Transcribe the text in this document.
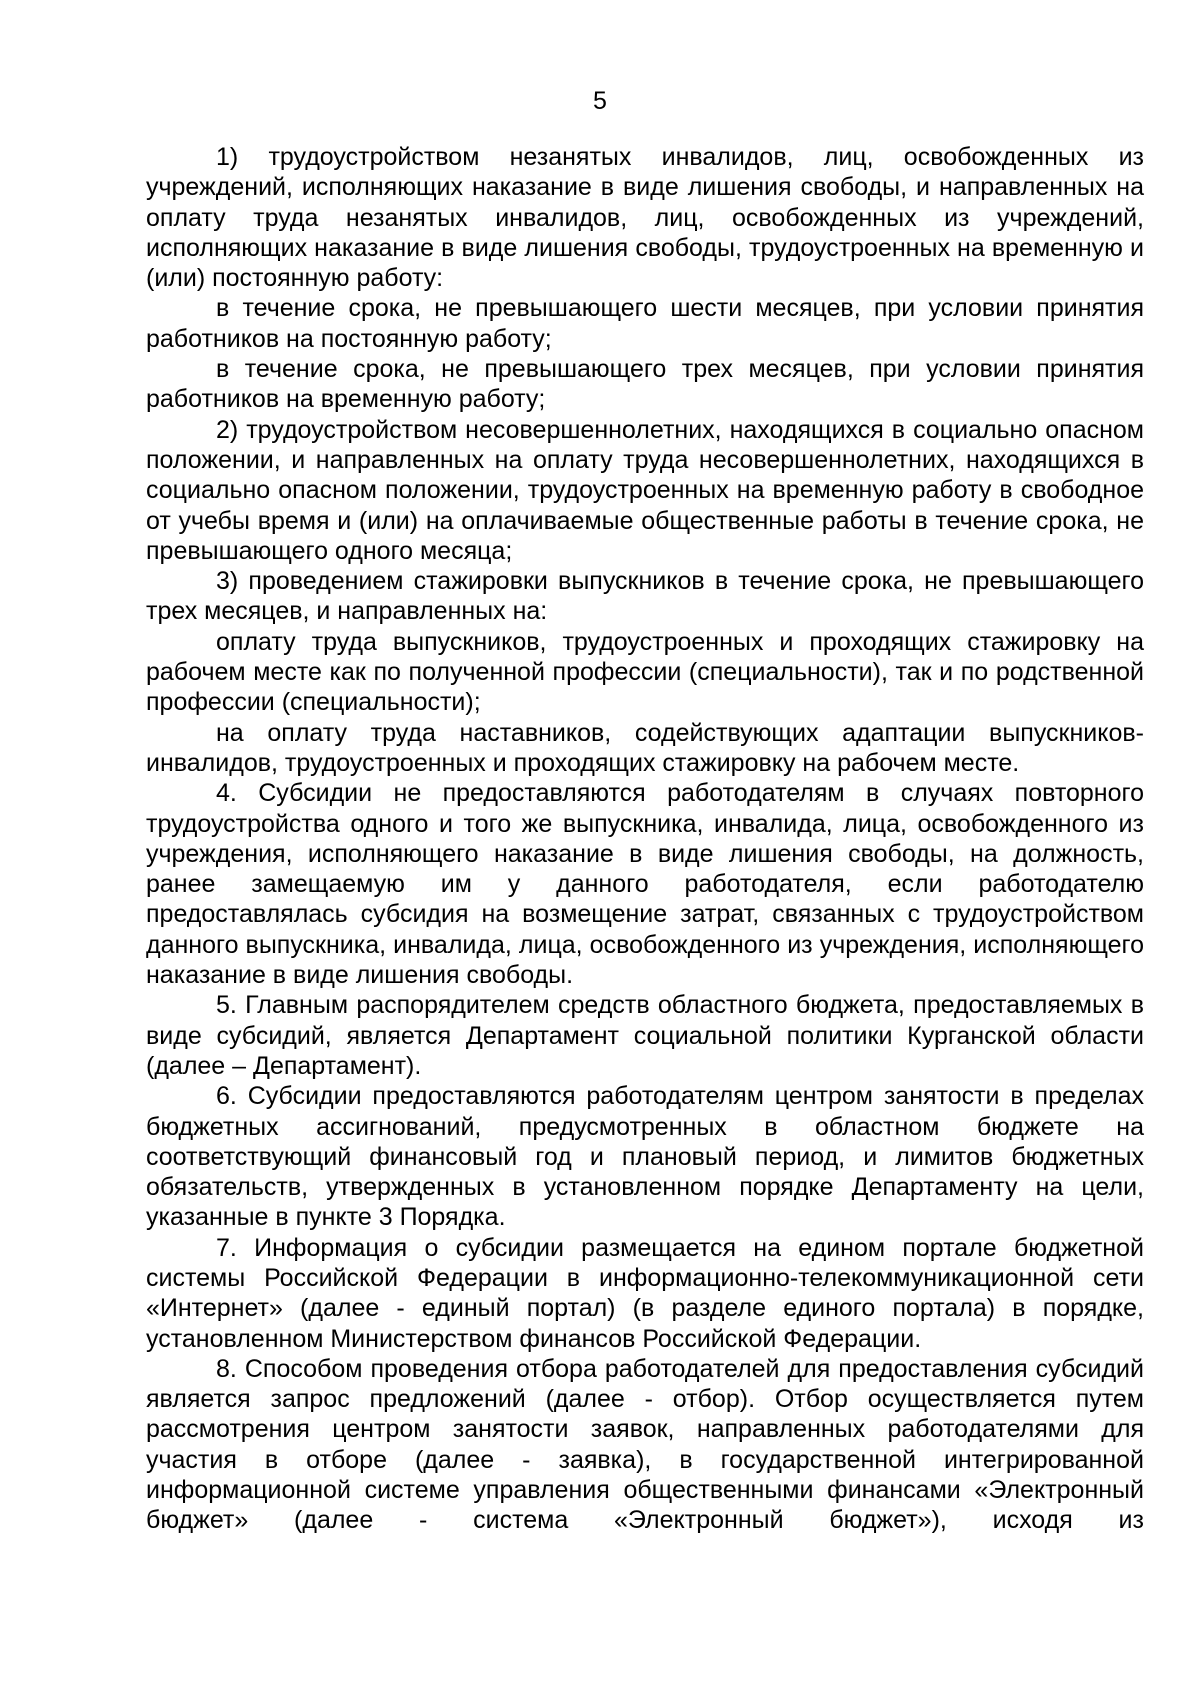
5

1) трудоустройством незанятых инвалидов, лиц, освобожденных из учреждений, исполняющих наказание в виде лишения свободы, и направленных на оплату труда незанятых инвалидов, лиц, освобожденных из учреждений, исполняющих наказание в виде лишения свободы, трудоустроенных на временную и (или) постоянную работу:

в течение срока, не превышающего шести месяцев, при условии принятия работников на постоянную работу;

в течение срока, не превышающего трех месяцев, при условии принятия работников на временную работу;

2) трудоустройством несовершеннолетних, находящихся в социально опасном положении, и направленных на оплату труда несовершеннолетних, находящихся в социально опасном положении, трудоустроенных на временную работу в свободное от учебы время и (или) на оплачиваемые общественные работы в течение срока, не превышающего одного месяца;

3) проведением стажировки выпускников в течение срока, не превышающего трех месяцев, и направленных на:

оплату труда выпускников, трудоустроенных и проходящих стажировку на рабочем месте как по полученной профессии (специальности), так и по родственной профессии (специальности);

на оплату труда наставников, содействующих адаптации выпускников-инвалидов, трудоустроенных и проходящих стажировку на рабочем месте.

4. Субсидии не предоставляются работодателям в случаях повторного трудоустройства одного и того же выпускника, инвалида, лица, освобожденного из учреждения, исполняющего наказание в виде лишения свободы, на должность, ранее замещаемую им у данного работодателя, если работодателю предоставлялась субсидия на возмещение затрат, связанных с трудоустройством данного выпускника, инвалида, лица, освобожденного из учреждения, исполняющего наказание в виде лишения свободы.

5. Главным распорядителем средств областного бюджета, предоставляемых в виде субсидий, является Департамент социальной политики Курганской области (далее – Департамент).

6. Субсидии предоставляются работодателям центром занятости в пределах бюджетных ассигнований, предусмотренных в областном бюджете на соответствующий финансовый год и плановый период, и лимитов бюджетных обязательств, утвержденных в установленном порядке Департаменту на цели, указанные в пункте 3 Порядка.

7. Информация о субсидии размещается на едином портале бюджетной системы Российской Федерации в информационно-телекоммуникационной сети «Интернет» (далее - единый портал) (в разделе единого портала) в порядке, установленном Министерством финансов Российской Федерации.

8. Способом проведения отбора работодателей для предоставления субсидий является запрос предложений (далее - отбор). Отбор осуществляется путем рассмотрения центром занятости заявок, направленных работодателями для участия в отборе (далее - заявка), в государственной интегрированной информационной системе управления общественными финансами «Электронный бюджет» (далее - система «Электронный бюджет»), исходя из
